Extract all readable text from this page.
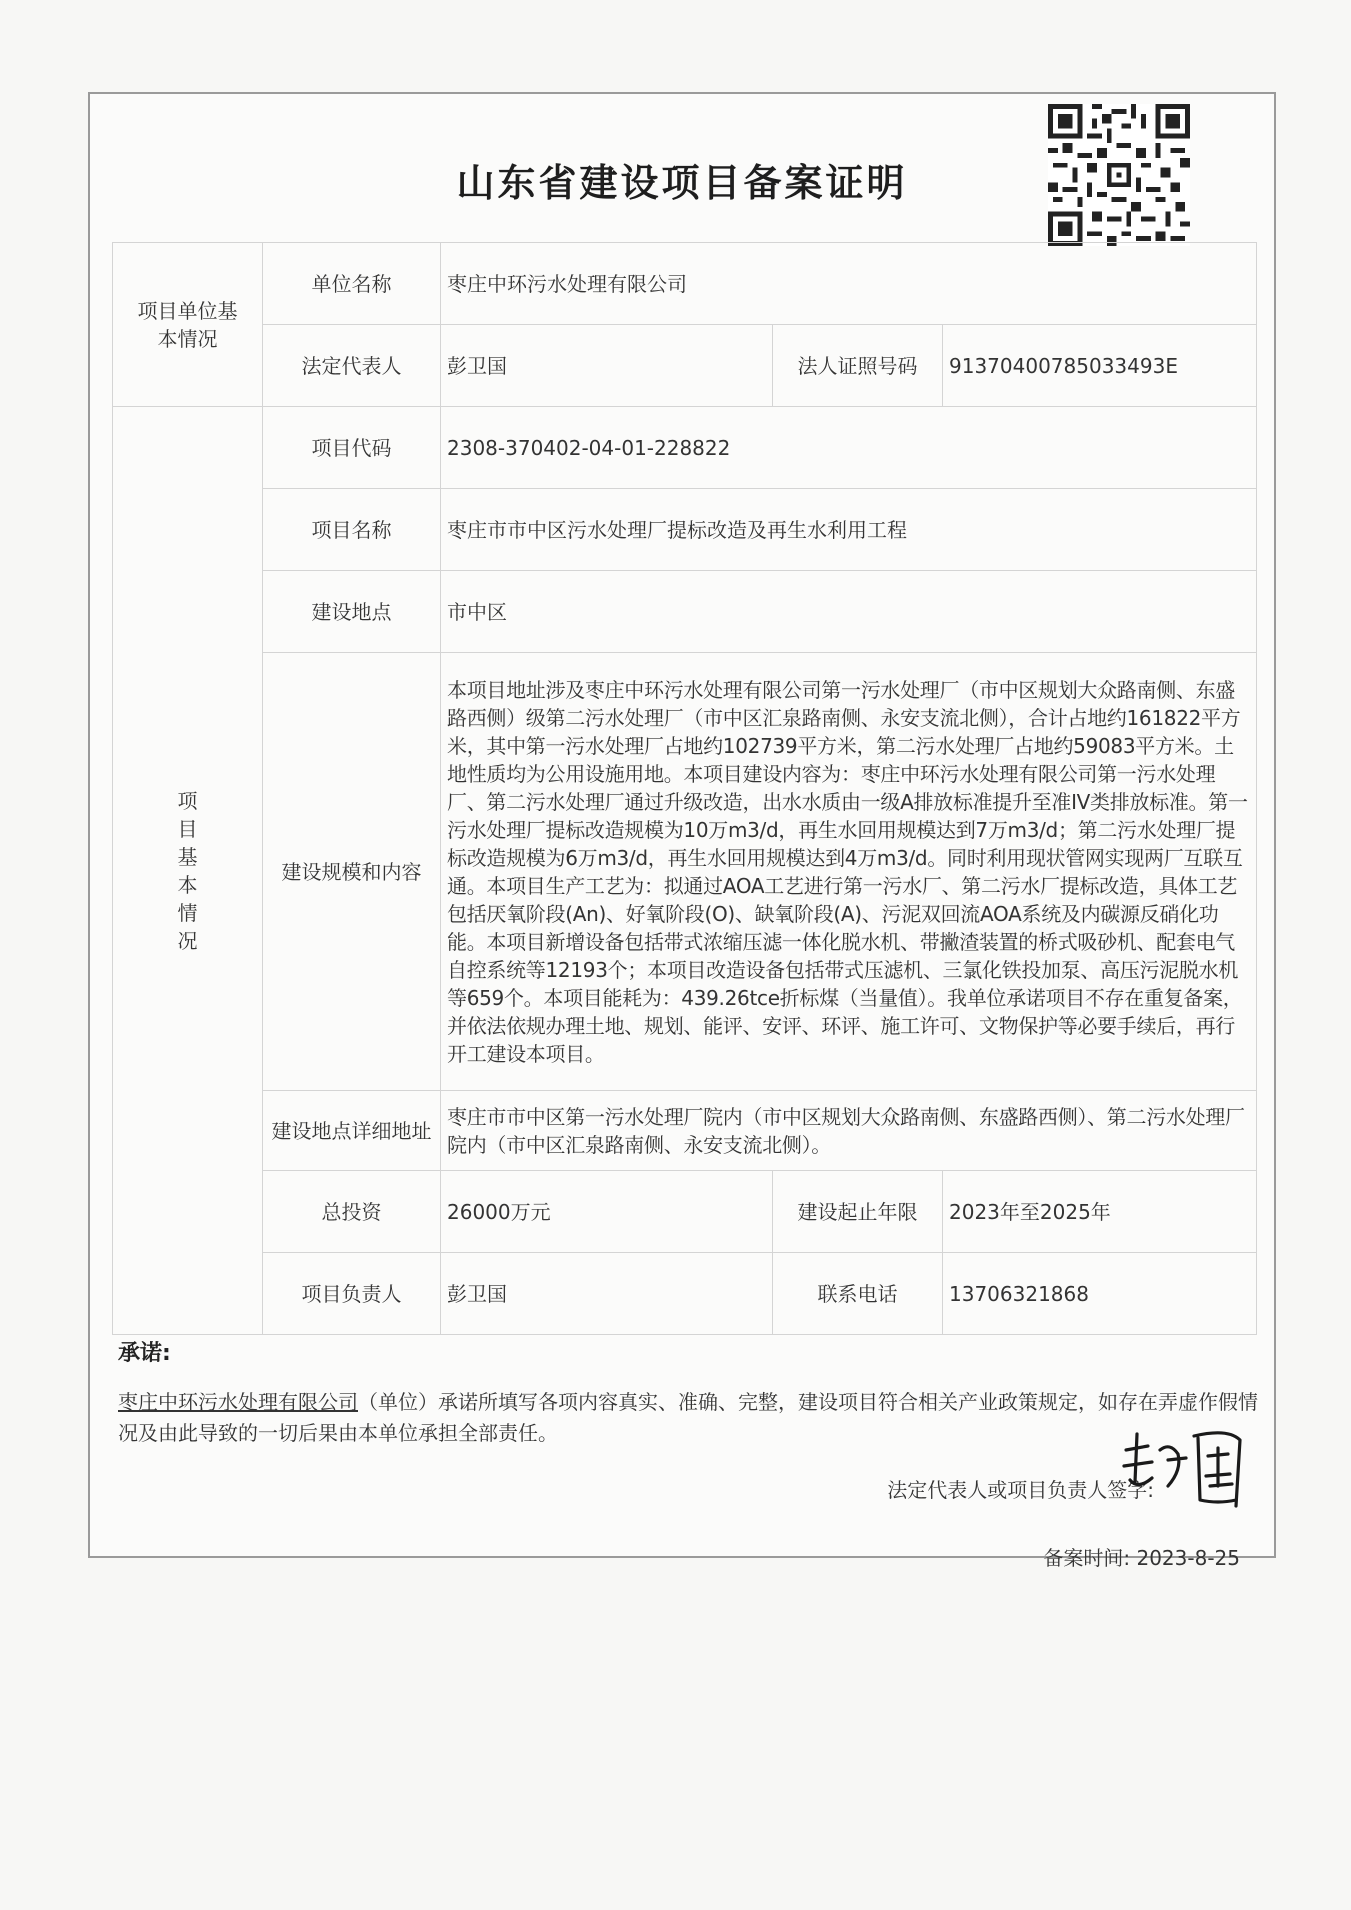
山东省建设项目备案证明
项目单位基本情况	单位名称	枣庄中环污水处理有限公司		
	法定代表人	彭卫国	法人证照号码	91370400785033493E
项目基本情况	项目代码	2308-370402-04-01-228822		
	项目名称	枣庄市市中区污水处理厂提标改造及再生水利用工程		
	建设地点	市中区		
	建设规模和内容	本项目地址涉及枣庄中环污水处理有限公司第一污水处理厂（市中区规划大众路南侧、东盛路西侧）级第二污水处理厂（市中区汇泉路南侧、永安支流北侧），合计占地约161822平方米，其中第一污水处理厂占地约102739平方米，第二污水处理厂占地约59083平方米。土地性质均为公用设施用地。本项目建设内容为：枣庄中环污水处理有限公司第一污水处理厂、第二污水处理厂通过升级改造，出水水质由一级A排放标准提升至准IV类排放标准。第一污水处理厂提标改造规模为10万m3/d，再生水回用规模达到7万m3/d；第二污水处理厂提标改造规模为6万m3/d，再生水回用规模达到4万m3/d。同时利用现状管网实现两厂互联互通。本项目生产工艺为：拟通过AOA工艺进行第一污水厂、第二污水厂提标改造，具体工艺包括厌氧阶段(An)、好氧阶段(O)、缺氧阶段(A)、污泥双回流AOA系统及内碳源反硝化功能。本项目新增设备包括带式浓缩压滤一体化脱水机、带撇渣装置的桥式吸砂机、配套电气自控系统等12193个；本项目改造设备包括带式压滤机、三氯化铁投加泵、高压污泥脱水机等659个。本项目能耗为：439.26tce折标煤（当量值）。我单位承诺项目不存在重复备案，并依法依规办理土地、规划、能评、安评、环评、施工许可、文物保护等必要手续后，再行开工建设本项目。		
	建设地点详细地址	枣庄市市中区第一污水处理厂院内（市中区规划大众路南侧、东盛路西侧）、第二污水处理厂院内（市中区汇泉路南侧、永安支流北侧）。		
	总投资	26000万元	建设起止年限	2023年至2025年
	项目负责人	彭卫国	联系电话	13706321868
承诺:
枣庄中环污水处理有限公司（单位）承诺所填写各项内容真实、准确、完整，建设项目符合相关产业政策规定，如存在弄虚作假情况及由此导致的一切后果由本单位承担全部责任。
法定代表人或项目负责人签字:
备案时间: 2023-8-25
